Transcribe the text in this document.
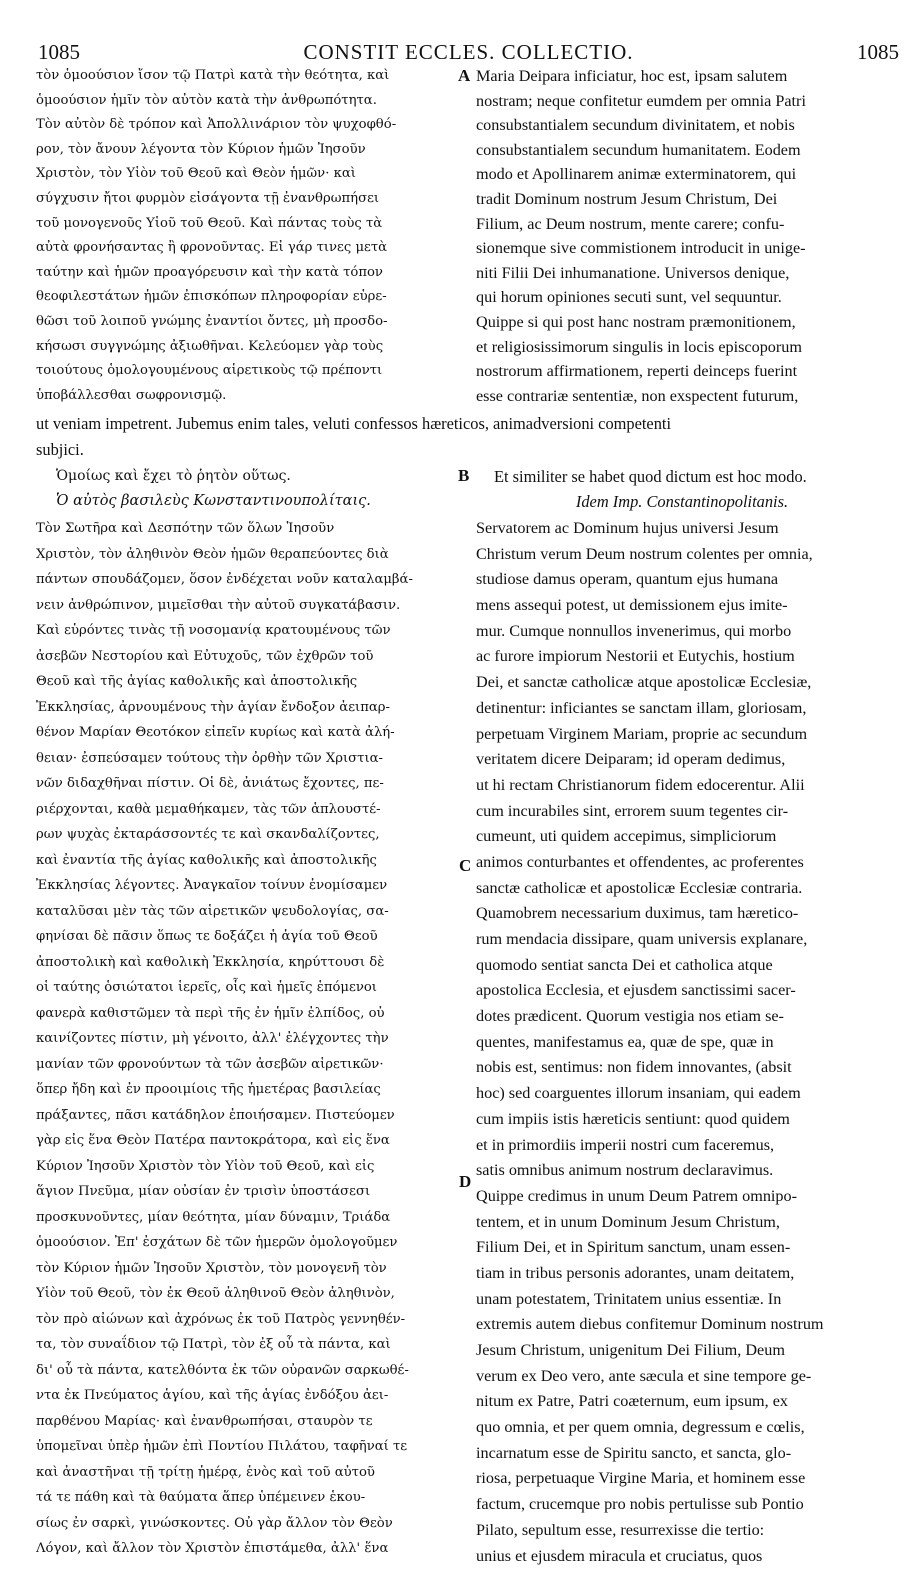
1085	CONSTIT ECCLES. COLLECTIO.	1085
τὸν ὁμοούσιον ἴσον τῷ Πατρὶ κατὰ τὴν θεότητα, καὶ
ὁμοούσιον ἡμῖν τὸν αὐτὸν κατὰ τὴν ἀνθρωπότητα.
Τὸν αὐτὸν δὲ τρόπον καὶ Ἀπολλινάριον τὸν ψυχοφθό-
ρον, τὸν ἄνουν λέγοντα τὸν Κύριον ἡμῶν Ἰησοῦν
Χριστὸν, τὸν Υἱὸν τοῦ Θεοῦ καὶ Θεὸν ἡμῶν· καὶ
σύγχυσιν ἤτοι φυρμὸν εἰσάγοντα τῇ ἐνανθρωπήσει
τοῦ μονογενοῦς Υἱοῦ τοῦ Θεοῦ. Καὶ πάντας τοὺς τὰ
αὐτὰ φρονήσαντας ἢ φρονοῦντας. Εἰ γάρ τινες μετὰ
ταύτην καὶ ἡμῶν προαγόρευσιν καὶ τὴν κατὰ τόπον
θεοφιλεστάτων ἡμῶν ἐπισκόπων πληροφορίαν εὑρε-
θῶσι τοῦ λοιποῦ γνώμης ἐναντίοι ὄντες, μὴ προσδο-
κήσωσι συγγνώμης ἀξιωθῆναι. Κελεύομεν γὰρ τοὺς
τοιούτους ὁμολογουμένους αἱρετικοὺς τῷ πρέποντι
ὑποβάλλεσθαι σωφρονισμῷ.
Maria Deipara inficiatur, hoc est, ipsam salutem
nostram; neque confitetur eumdem per omnia Patri
consubstantialem secundum divinitatem, et nobis
consubstantialem secundum humanitatem. Eodem
modo et Apollinarem animæ exterminatorem, qui
tradit Dominum nostrum Jesum Christum, Dei
Filium, ac Deum nostrum, mente carere; confu-
sionemque sive commistionem introducit in unige-
niti Filii Dei inhumanatione. Universos denique,
qui horum opiniones secuti sunt, vel sequuntur.
Quippe si qui post hanc nostram præmonitionem,
et religiosissimorum singulis in locis episcoporum
nostrorum affirmationem, reperti deinceps fuerint
esse contrariæ sententiæ, non exspectent futurum,
A
ut veniam impetrent. Jubemus enim tales, veluti confessos hæreticos, animadversioni competenti
subjici.
Ὁμοίως καὶ ἔχει τὸ ῥητὸν οὕτως.
Ὁ αὐτὸς βασιλεὺς Κωνσταντινουπολίταις.
Et similiter se habet quod dictum est hoc modo.
Idem Imp. Constantinopolitanis.
B
Τὸν Σωτῆρα καὶ Δεσπότην τῶν ὅλων Ἰησοῦν
Χριστὸν, τὸν ἀληθινὸν Θεὸν ἡμῶν θεραπεύοντες διὰ
πάντων σπουδάζομεν, ὅσον ἐνδέχεται νοῦν καταλαμβά-
νειν ἀνθρώπινον, μιμεῖσθαι τὴν αὐτοῦ συγκατάβασιν.
Καὶ εὑρόντες τινὰς τῇ νοσομανίᾳ κρατουμένους τῶν
ἀσεβῶν Νεστορίου καὶ Εὐτυχοῦς, τῶν ἐχθρῶν τοῦ
Θεοῦ καὶ τῆς ἁγίας καθολικῆς καὶ ἀποστολικῆς
Ἐκκλησίας, ἀρνουμένους τὴν ἁγίαν ἔνδοξον ἀειπαρ-
θένον Μαρίαν Θεοτόκον εἰπεῖν κυρίως καὶ κατὰ ἀλή-
θειαν· ἐσπεύσαμεν τούτους τὴν ὀρθὴν τῶν Χριστια-
νῶν διδαχθῆναι πίστιν. Οἱ δὲ, ἀνιάτως ἔχοντες, πε-
ριέρχονται, καθὰ μεμαθήκαμεν, τὰς τῶν ἁπλουστέ-
ρων ψυχὰς ἐκταράσσοντές τε καὶ σκανδαλίζοντες,
καὶ ἐναντία τῆς ἁγίας καθολικῆς καὶ ἀποστολικῆς
Ἐκκλησίας λέγοντες. Ἀναγκαῖον τοίνυν ἐνομίσαμεν
καταλῦσαι μὲν τὰς τῶν αἱρετικῶν ψευδολογίας, σα-
φηνίσαι δὲ πᾶσιν ὅπως τε δοξάζει ἡ ἁγία τοῦ Θεοῦ
ἀποστολικὴ καὶ καθολικὴ Ἐκκλησία, κηρύττουσι δὲ
οἱ ταύτης ὁσιώτατοι ἱερεῖς, οἷς καὶ ἡμεῖς ἑπόμενοι
φανερὰ καθιστῶμεν τὰ περὶ τῆς ἐν ἡμῖν ἐλπίδος, οὐ
καινίζοντες πίστιν, μὴ γένοιτο, ἀλλ' ἐλέγχοντες τὴν
μανίαν τῶν φρονούντων τὰ τῶν ἀσεβῶν αἱρετικῶν·
ὅπερ ἤδη καὶ ἐν προοιμίοις τῆς ἡμετέρας βασιλείας
πράξαντες, πᾶσι κατάδηλον ἐποιήσαμεν. Πιστεύομεν
γὰρ εἰς ἕνα Θεὸν Πατέρα παντοκράτορα, καὶ εἰς ἕνα
Κύριον Ἰησοῦν Χριστὸν τὸν Υἱὸν τοῦ Θεοῦ, καὶ εἰς
ἅγιον Πνεῦμα, μίαν οὐσίαν ἐν τρισὶν ὑποστάσεσι
προσκυνοῦντες, μίαν θεότητα, μίαν δύναμιν, Τριάδα
ὁμοούσιον. Ἐπ' ἐσχάτων δὲ τῶν ἡμερῶν ὁμολογοῦμεν
τὸν Κύριον ἡμῶν Ἰησοῦν Χριστὸν, τὸν μονογενῆ τὸν
Υἱὸν τοῦ Θεοῦ, τὸν ἐκ Θεοῦ ἀληθινοῦ Θεὸν ἀληθινὸν,
τὸν πρὸ αἰώνων καὶ ἀχρόνως ἐκ τοῦ Πατρὸς γεννηθέν-
τα, τὸν συναΐδιον τῷ Πατρὶ, τὸν ἐξ οὗ τὰ πάντα, καὶ
δι' οὗ τὰ πάντα, κατελθόντα ἐκ τῶν οὐρανῶν σαρκωθέ-
ντα ἐκ Πνεύματος ἁγίου, καὶ τῆς ἁγίας ἐνδόξου ἀει-
παρθένου Μαρίας· καὶ ἐνανθρωπήσαι, σταυρὸν τε
ὑπομεῖναι ὑπὲρ ἡμῶν ἐπὶ Ποντίου Πιλάτου, ταφῆναί τε
καὶ ἀναστῆναι τῇ τρίτῃ ἡμέρᾳ, ἑνὸς καὶ τοῦ αὐτοῦ
τά τε πάθη καὶ τὰ θαύματα ἅπερ ὑπέμεινεν ἑκου-
σίως ἐν σαρκὶ, γινώσκοντες. Οὐ γὰρ ἄλλον τὸν Θεὸν
Λόγον, καὶ ἄλλον τὸν Χριστὸν ἐπιστάμεθα, ἀλλ' ἕνα
Servatorem ac Dominum hujus universi Jesum
Christum verum Deum nostrum colentes per omnia,
studiose damus operam, quantum ejus humana
mens assequi potest, ut demissionem ejus imite-
mur. Cumque nonnullos invenerimus, qui morbo
ac furore impiorum Nestorii et Eutychis, hostium
Dei, et sanctæ catholicæ atque apostolicæ Ecclesiæ,
detinentur: inficiantes se sanctam illam, gloriosam,
perpetuam Virginem Mariam, proprie ac secundum
veritatem dicere Deiparam; id operam dedimus,
ut hi rectam Christianorum fidem edocerentur. Alii
cum incurabiles sint, errorem suum tegentes cir-
cumeunt, uti quidem accepimus, simpliciorum
animos conturbantes et offendentes, ac proferentes
sanctæ catholicæ et apostolicæ Ecclesiæ contraria.
Quamobrem necessarium duximus, tam hæretico-
rum mendacia dissipare, quam universis explanare,
quomodo sentiat sancta Dei et catholica atque
apostolica Ecclesia, et ejusdem sanctissimi sacer-
dotes prædicent. Quorum vestigia nos etiam se-
quentes, manifestamus ea, quæ de spe, quæ in
nobis est, sentimus: non fidem innovantes, (absit
hoc) sed coarguentes illorum insaniam, qui eadem
cum impiis istis hæreticis sentiunt: quod quidem
et in primordiis imperii nostri cum faceremus,
satis omnibus animum nostrum declaravimus.
Quippe credimus in unum Deum Patrem omnipo-
tentem, et in unum Dominum Jesum Christum,
Filium Dei, et in Spiritum sanctum, unam essen-
tiam in tribus personis adorantes, unam deitatem,
unam potestatem, Trinitatem unius essentiæ. In
extremis autem diebus confitemur Dominum nostrum
Jesum Christum, unigenitum Dei Filium, Deum
verum ex Deo vero, ante sæcula et sine tempore ge-
nitum ex Patre, Patri coæternum, eum ipsum, ex
quo omnia, et per quem omnia, degressum e cœlis,
incarnatum esse de Spiritu sancto, et sancta, glo-
riosa, perpetuaque Virgine Maria, et hominem esse
factum, crucemque pro nobis pertulisse sub Pontio
Pilato, sepultum esse, resurrexisse die tertio:
unius et ejusdem miracula et cruciatus, quos
C
D
